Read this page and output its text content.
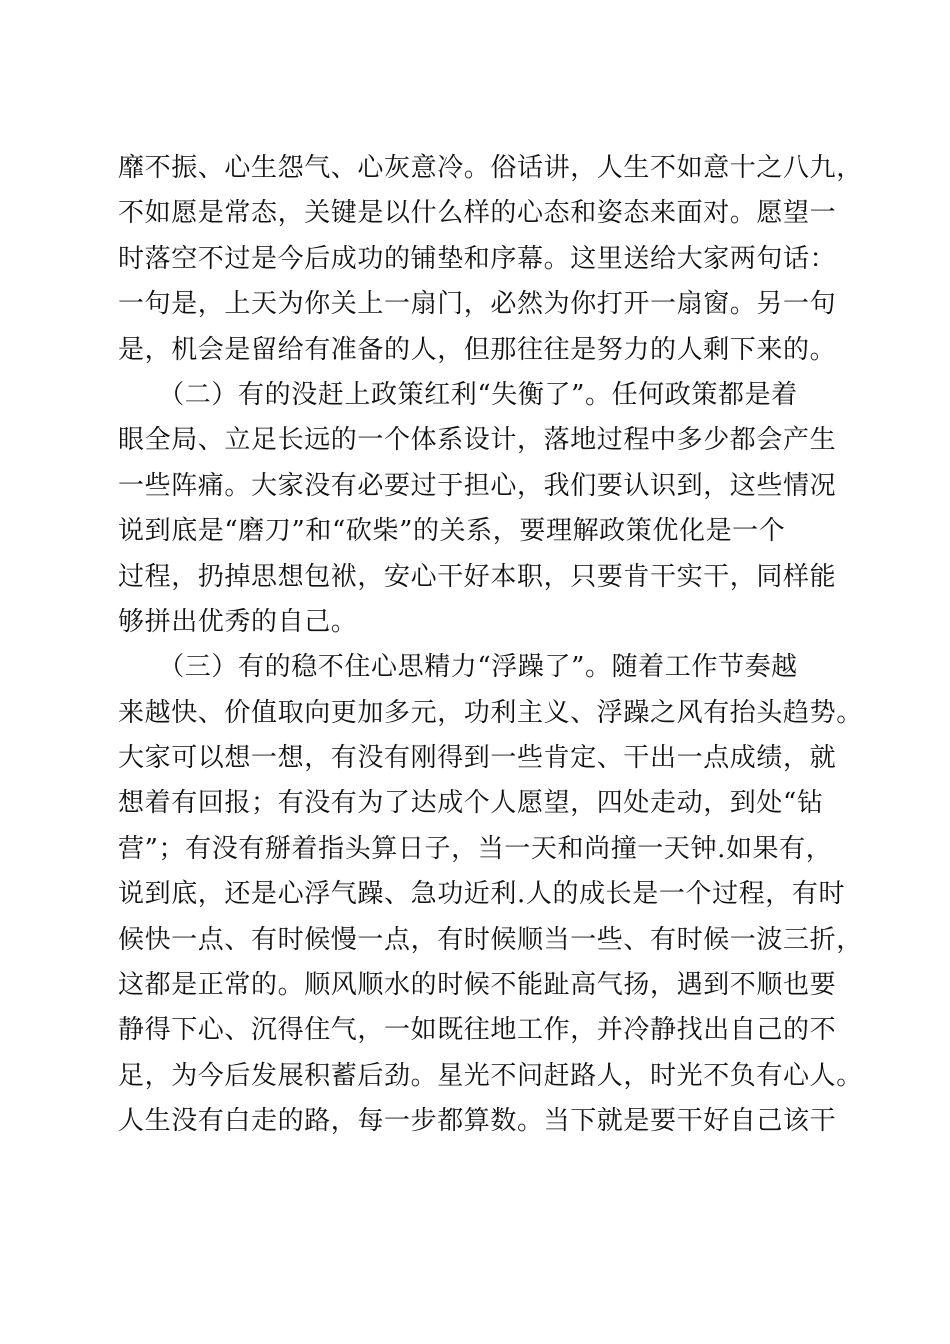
靡不振、心生怨气、心灰意冷。俗话讲，人生不如意十之八九，
不如愿是常态，关键是以什么样的心态和姿态来面对。愿望一
时落空不过是今后成功的铺垫和序幕。这里送给大家两句话：
一句是，上天为你关上一扇门，必然为你打开一扇窗。另一句
是，机会是留给有准备的人，但那往往是努力的人剩下来的。
　　（二）有的没赶上政策红利“失衡了”。任何政策都是着
眼全局、立足长远的一个体系设计，落地过程中多少都会产生
一些阵痛。大家没有必要过于担心，我们要认识到，这些情况
说到底是“磨刀”和“砍柴”的关系，要理解政策优化是一个
过程，扔掉思想包袱，安心干好本职，只要肯干实干，同样能
够拼出优秀的自己。
　　（三）有的稳不住心思精力“浮躁了”。随着工作节奏越
来越快、价值取向更加多元，功利主义、浮躁之风有抬头趋势。
大家可以想一想，有没有刚得到一些肯定、干出一点成绩，就
想着有回报；有没有为了达成个人愿望，四处走动，到处“钻
营”；有没有掰着指头算日子，当一天和尚撞一天钟.如果有，
说到底，还是心浮气躁、急功近利.人的成长是一个过程，有时
候快一点、有时候慢一点，有时候顺当一些、有时候一波三折，
这都是正常的。顺风顺水的时候不能趾高气扬，遇到不顺也要
静得下心、沉得住气，一如既往地工作，并冷静找出自己的不
足，为今后发展积蓄后劲。星光不问赶路人，时光不负有心人。
人生没有白走的路，每一步都算数。当下就是要干好自己该干
